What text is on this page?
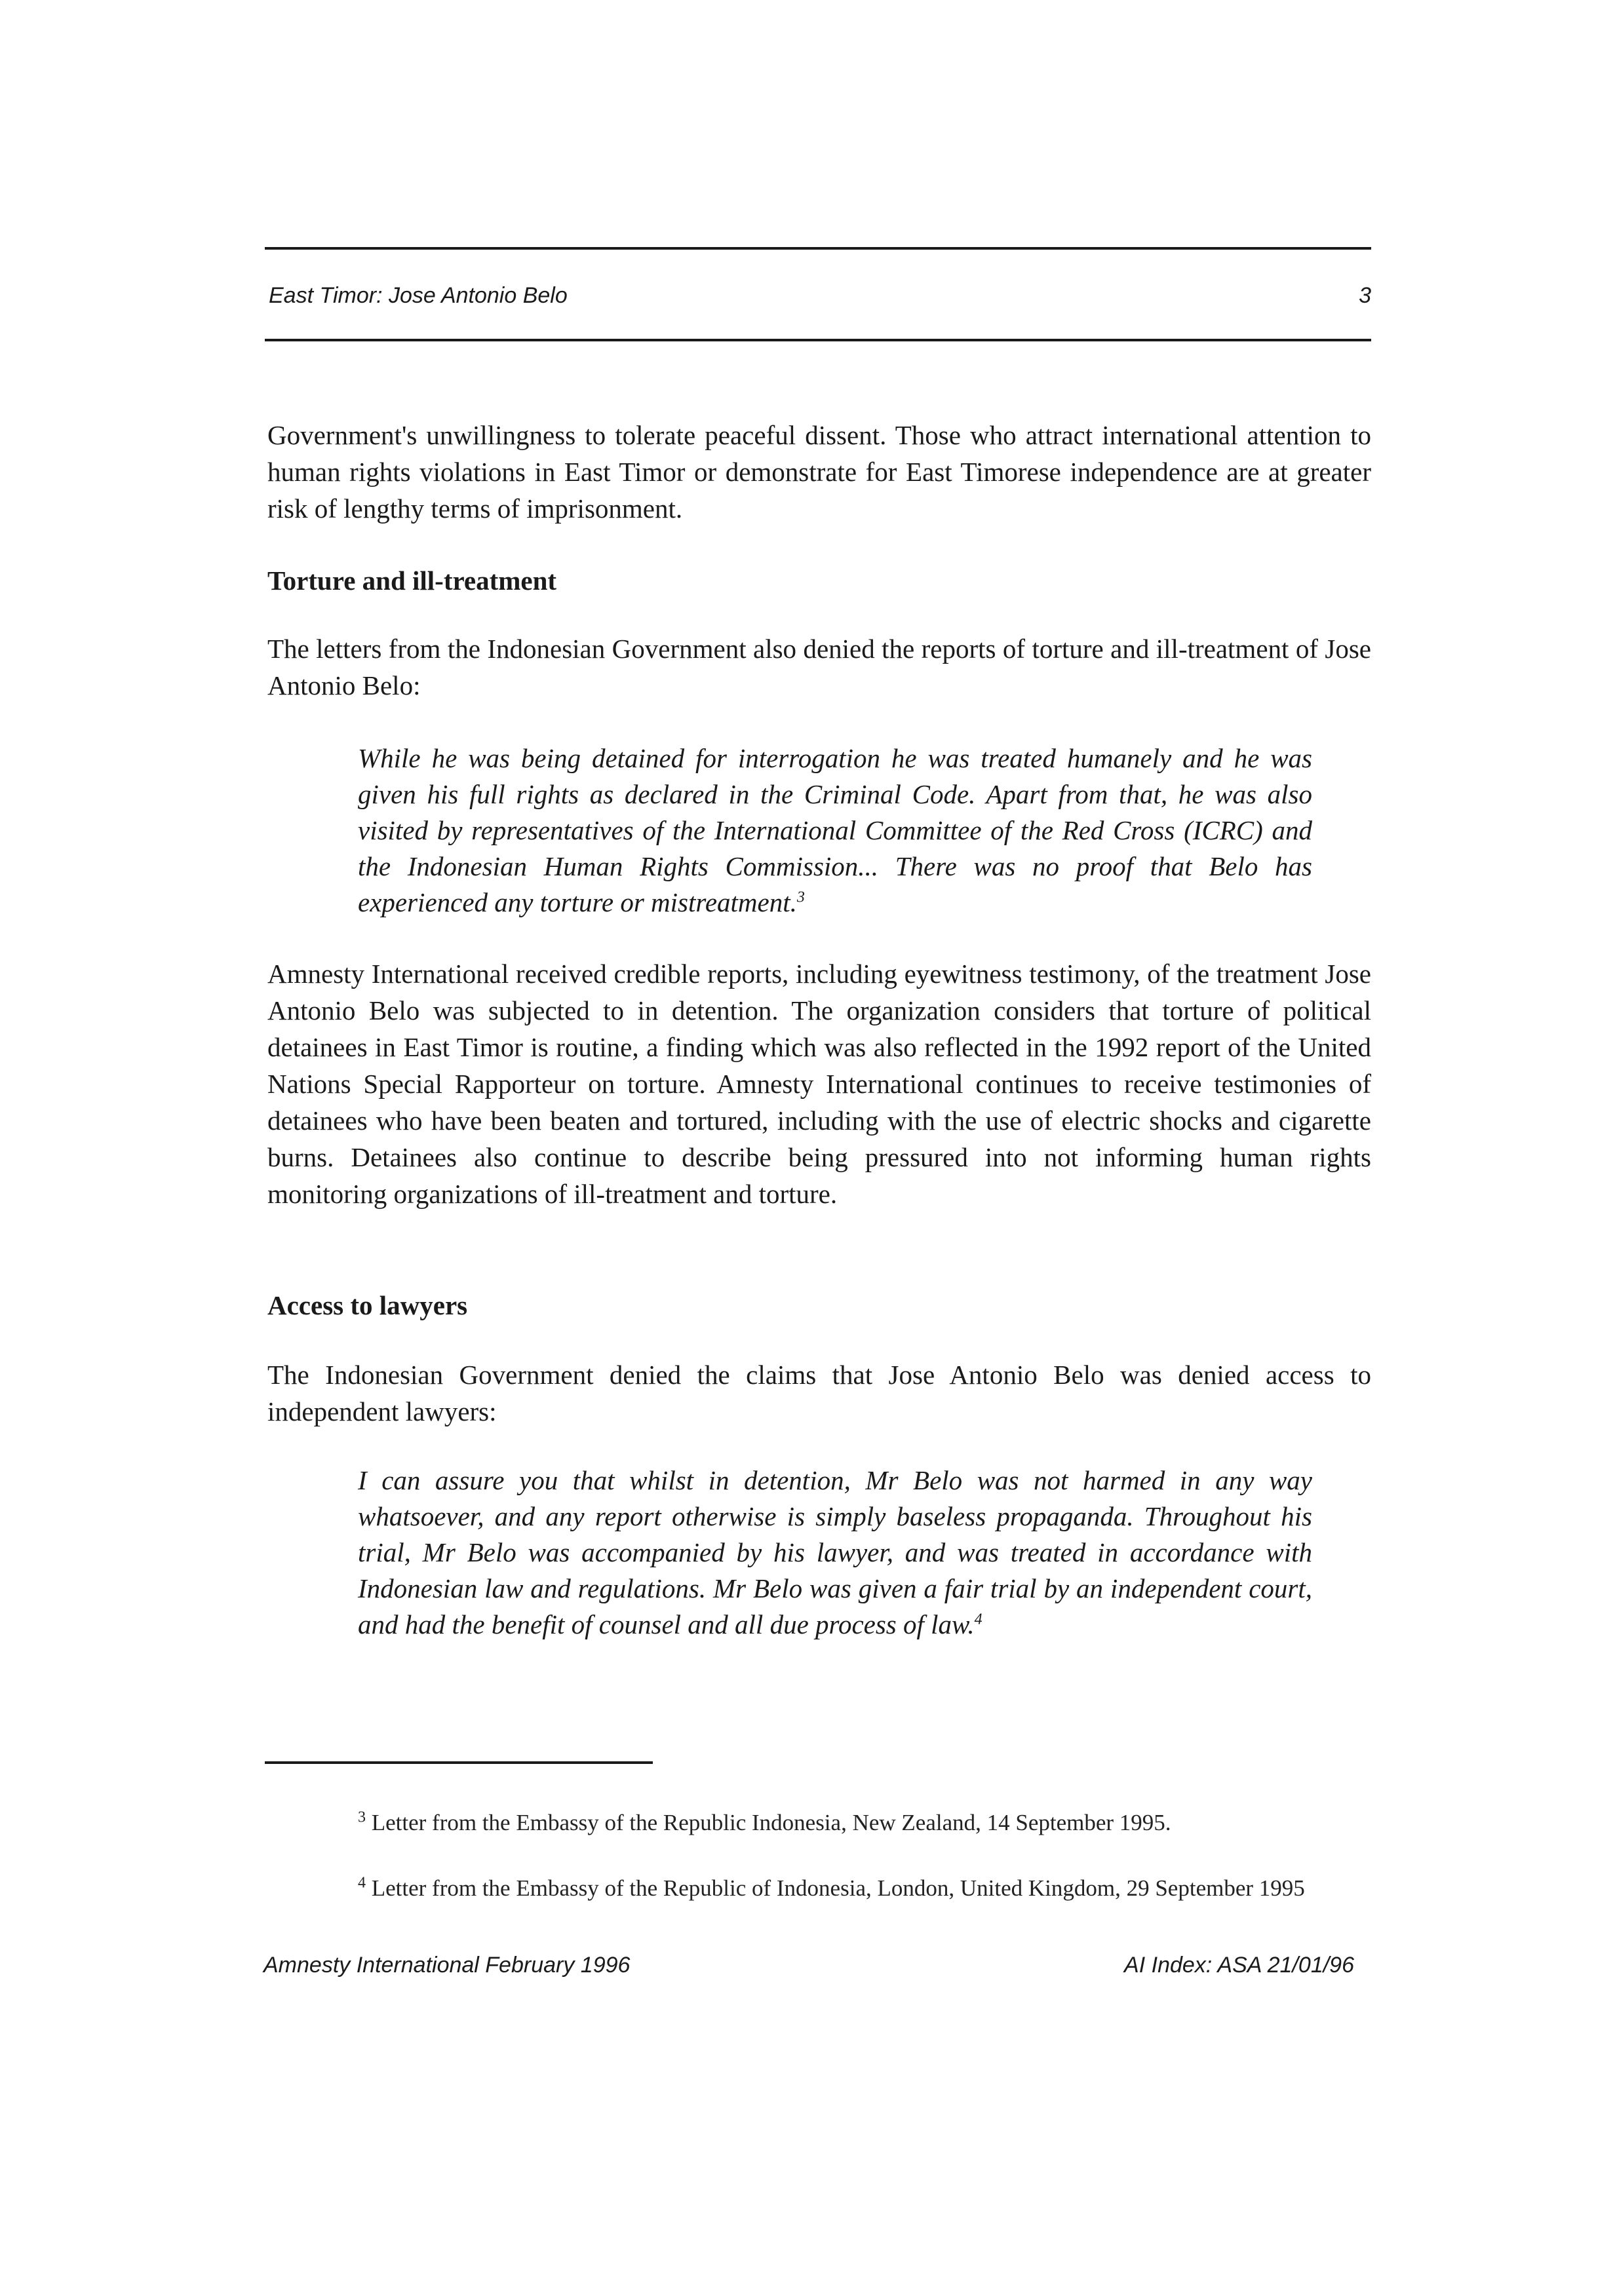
East Timor: Jose Antonio Belo	3

Government's unwillingness to tolerate peaceful dissent. Those who attract international attention to human rights violations in East Timor or demonstrate for East Timorese independence are at greater risk of lengthy terms of imprisonment.

Torture and ill-treatment

The letters from the Indonesian Government also denied the reports of torture and ill-treatment of Jose Antonio Belo:

While he was being detained for interrogation he was treated humanely and he was given his full rights as declared in the Criminal Code. Apart from that, he was also visited by representatives of the International Committee of the Red Cross (ICRC) and the Indonesian Human Rights Commission... There was no proof that Belo has experienced any torture or mistreatment.$^3$

Amnesty International received credible reports, including eyewitness testimony, of the treatment Jose Antonio Belo was subjected to in detention. The organization considers that torture of political detainees in East Timor is routine, a finding which was also reflected in the 1992 report of the United Nations Special Rapporteur on torture. Amnesty International continues to receive testimonies of detainees who have been beaten and tortured, including with the use of electric shocks and cigarette burns. Detainees also continue to describe being pressured into not informing human rights monitoring organizations of ill-treatment and torture.

Access to lawyers

The Indonesian Government denied the claims that Jose Antonio Belo was denied access to independent lawyers:

I can assure you that whilst in detention, Mr Belo was not harmed in any way whatsoever, and any report otherwise is simply baseless propaganda. Throughout his trial, Mr Belo was accompanied by his lawyer, and was treated in accordance with Indonesian law and regulations. Mr Belo was given a fair trial by an independent court, and had the benefit of counsel and all due process of law.$^4$
$^3$ Letter from the Embassy of the Republic Indonesia, New Zealand, 14 September 1995.
$^4$ Letter from the Embassy of the Republic of Indonesia, London, United Kingdom, 29 September 1995
Amnesty International February 1996	AI Index: ASA 21/01/96
